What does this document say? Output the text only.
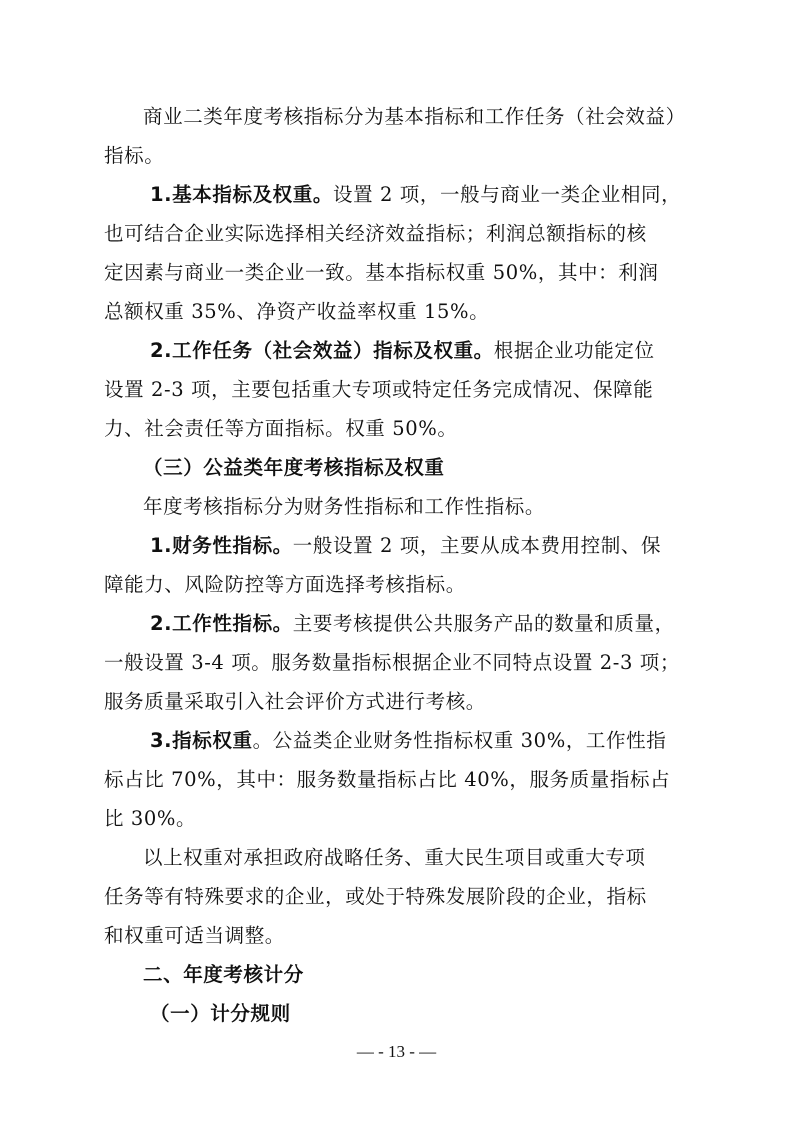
商业二类年度考核指标分为基本指标和工作任务（社会效益）

指标。

1.基本指标及权重。设置 2 项，一般与商业一类企业相同，

也可结合企业实际选择相关经济效益指标；利润总额指标的核

定因素与商业一类企业一致。基本指标权重 50%，其中：利润

总额权重 35%、净资产收益率权重 15%。

2.工作任务（社会效益）指标及权重。根据企业功能定位

设置 2-3 项，主要包括重大专项或特定任务完成情况、保障能

力、社会责任等方面指标。权重 50%。

（三）公益类年度考核指标及权重

年度考核指标分为财务性指标和工作性指标。

1.财务性指标。一般设置 2 项，主要从成本费用控制、保

障能力、风险防控等方面选择考核指标。

2.工作性指标。主要考核提供公共服务产品的数量和质量，

一般设置 3-4 项。服务数量指标根据企业不同特点设置 2-3 项；

服务质量采取引入社会评价方式进行考核。

3.指标权重。公益类企业财务性指标权重 30%，工作性指

标占比 70%，其中：服务数量指标占比 40%，服务质量指标占

比 30%。

以上权重对承担政府战略任务、重大民生项目或重大专项

任务等有特殊要求的企业，或处于特殊发展阶段的企业，指标

和权重可适当调整。

二、年度考核计分

（一）计分规则

— - 13 - —
